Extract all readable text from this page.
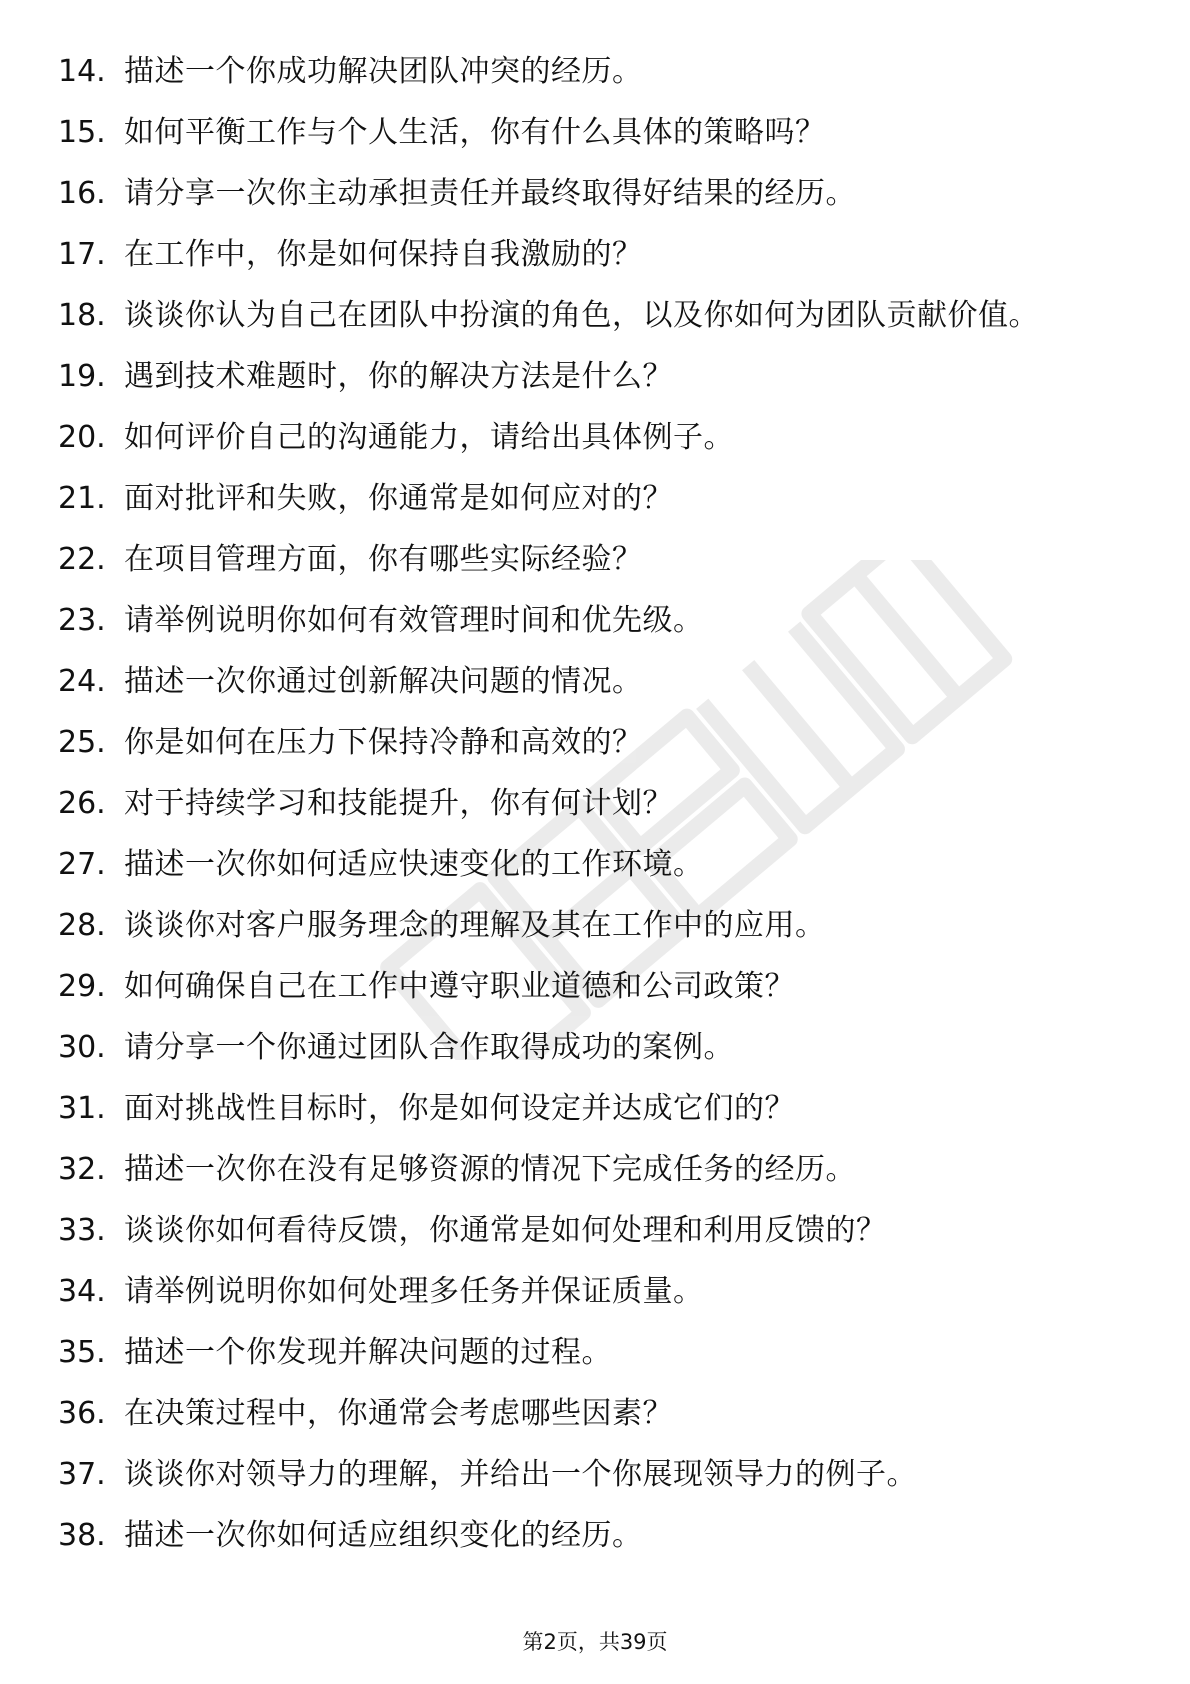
14. 描述一个你成功解决团队冲突的经历。
15. 如何平衡工作与个人生活，你有什么具体的策略吗？
16. 请分享一次你主动承担责任并最终取得好结果的经历。
17. 在工作中，你是如何保持自我激励的？
18. 谈谈你认为自己在团队中扮演的角色，以及你如何为团队贡献价值。
19. 遇到技术难题时，你的解决方法是什么？
20. 如何评价自己的沟通能力，请给出具体例子。
21. 面对批评和失败，你通常是如何应对的？
22. 在项目管理方面，你有哪些实际经验？
23. 请举例说明你如何有效管理时间和优先级。
24. 描述一次你通过创新解决问题的情况。
25. 你是如何在压力下保持冷静和高效的？
26. 对于持续学习和技能提升，你有何计划？
27. 描述一次你如何适应快速变化的工作环境。
28. 谈谈你对客户服务理念的理解及其在工作中的应用。
29. 如何确保自己在工作中遵守职业道德和公司政策？
30. 请分享一个你通过团队合作取得成功的案例。
31. 面对挑战性目标时，你是如何设定并达成它们的？
32. 描述一次你在没有足够资源的情况下完成任务的经历。
33. 谈谈你如何看待反馈，你通常是如何处理和利用反馈的？
34. 请举例说明你如何处理多任务并保证质量。
35. 描述一个你发现并解决问题的过程。
36. 在决策过程中，你通常会考虑哪些因素？
37. 谈谈你对领导力的理解，并给出一个你展现领导力的例子。
38. 描述一次你如何适应组织变化的经历。
第2页，共39页
